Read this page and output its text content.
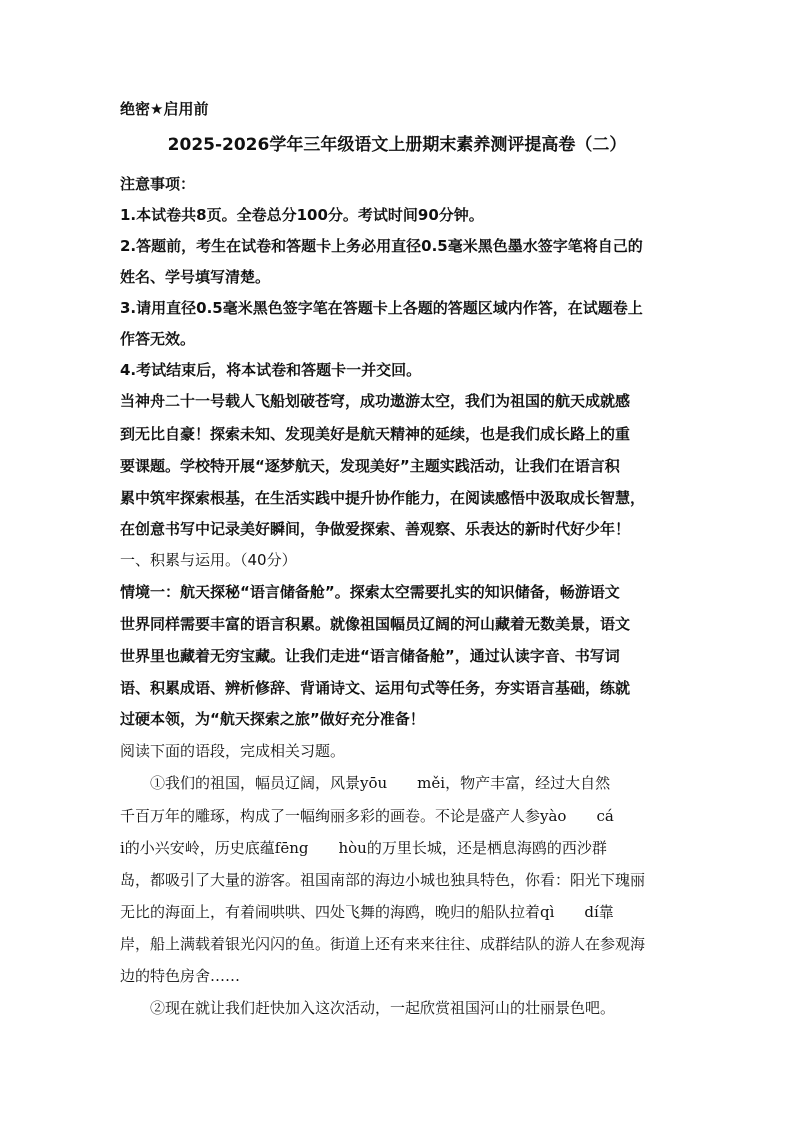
绝密★启用前
2025-2026学年三年级语文上册期末素养测评提高卷（二）
注意事项：
1.本试卷共8页。全卷总分100分。考试时间90分钟。
2.答题前，考生在试卷和答题卡上务必用直径0.5毫米黑色墨水签字笔将自己的
姓名、学号填写清楚。
3.请用直径0.5毫米黑色签字笔在答题卡上各题的答题区域内作答，在试题卷上
作答无效。
4.考试结束后，将本试卷和答题卡一并交回。
当神舟二十一号载人飞船划破苍穹，成功遨游太空，我们为祖国的航天成就感
到无比自豪！探索未知、发现美好是航天精神的延续，也是我们成长路上的重
要课题。学校特开展“逐梦航天，发现美好”主题实践活动，让我们在语言积
累中筑牢探索根基，在生活实践中提升协作能力，在阅读感悟中汲取成长智慧，
在创意书写中记录美好瞬间，争做爱探索、善观察、乐表达的新时代好少年！
一、积累与运用。（40分）
情境一：航天探秘“语言储备舱”。探索太空需要扎实的知识储备，畅游语文
世界同样需要丰富的语言积累。就像祖国幅员辽阔的河山藏着无数美景，语文
世界里也藏着无穷宝藏。让我们走进“语言储备舱”，通过认读字音、书写词
语、积累成语、辨析修辞、背诵诗文、运用句式等任务，夯实语言基础，练就
过硬本领，为“航天探索之旅”做好充分准备！
阅读下面的语段，完成相关习题。
①我们的祖国，幅员辽阔，风景yōu　　měi，物产丰富，经过大自然
千百万年的雕琢，构成了一幅绚丽多彩的画卷。不论是盛产人参yào　　cá
i的小兴安岭，历史底蕴fēng　　hòu的万里长城，还是栖息海鸥的西沙群
岛，都吸引了大量的游客。祖国南部的海边小城也独具特色，你看：阳光下瑰丽
无比的海面上，有着闹哄哄、四处飞舞的海鸥，晚归的船队拉着qì　　dí靠
岸，船上满载着银光闪闪的鱼。街道上还有来来往往、成群结队的游人在参观海
边的特色房舍……
②现在就让我们赶快加入这次活动，一起欣赏祖国河山的壮丽景色吧。
